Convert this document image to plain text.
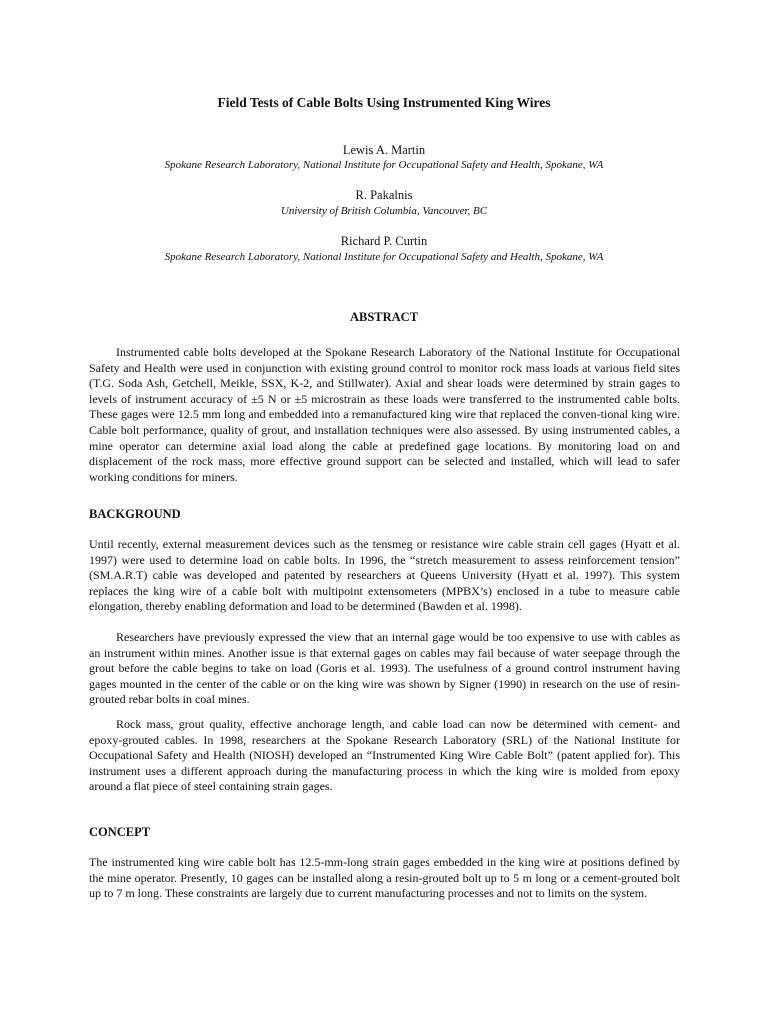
Field Tests of Cable Bolts Using Instrumented King Wires
Lewis A. Martin
Spokane Research Laboratory, National Institute for Occupational Safety and Health, Spokane, WA
R. Pakalnis
University of British Columbia, Vancouver, BC
Richard P. Curtin
Spokane Research Laboratory, National Institute for Occupational Safety and Health, Spokane, WA
ABSTRACT

Instrumented cable bolts developed at the Spokane Research Laboratory of the National Institute for Occupational Safety and Health were used in conjunction with existing ground control to monitor rock mass loads at various field sites (T.G. Soda Ash, Getchell, Meikle, SSX, K-2, and Stillwater). Axial and shear loads were determined by strain gages to levels of instrument accuracy of ±5 N or ±5 microstrain as these loads were transferred to the instrumented cable bolts. These gages were 12.5 mm long and embedded into a remanufactured king wire that replaced the conven-tional king wire. Cable bolt performance, quality of grout, and installation techniques were also assessed. By using instrumented cables, a mine operator can determine axial load along the cable at predefined gage locations. By monitoring load on and displacement of the rock mass, more effective ground support can be selected and installed, which will lead to safer working conditions for miners.

BACKGROUND

Until recently, external measurement devices such as the tensmeg or resistance wire cable strain cell gages (Hyatt et al. 1997) were used to determine load on cable bolts. In 1996, the “stretch measurement to assess reinforcement tension” (SM.A.R.T) cable was developed and patented by researchers at Queens University (Hyatt et al. 1997). This system replaces the king wire of a cable bolt with multipoint extensometers (MPBX’s) enclosed in a tube to measure cable elongation, thereby enabling deformation and load to be determined (Bawden et al. 1998).

Researchers have previously expressed the view that an internal gage would be too expensive to use with cables as an instrument within mines. Another issue is that external gages on cables may fail because of water seepage through the grout before the cable begins to take on load (Goris et al. 1993). The usefulness of a ground control instrument having gages mounted in the center of the cable or on the king wire was shown by Signer (1990) in research on the use of resin-grouted rebar bolts in coal mines.

Rock mass, grout quality, effective anchorage length, and cable load can now be determined with cement- and epoxy-grouted cables. In 1998, researchers at the Spokane Research Laboratory (SRL) of the National Institute for Occupational Safety and Health (NIOSH) developed an “Instrumented King Wire Cable Bolt” (patent applied for). This instrument uses a different approach during the manufacturing process in which the king wire is molded from epoxy around a flat piece of steel containing strain gages.

CONCEPT

The instrumented king wire cable bolt has 12.5-mm-long strain gages embedded in the king wire at positions defined by the mine operator. Presently, 10 gages can be installed along a resin-grouted bolt up to 5 m long or a cement-grouted bolt up to 7 m long. These constraints are largely due to current manufacturing processes and not to limits on the system.
